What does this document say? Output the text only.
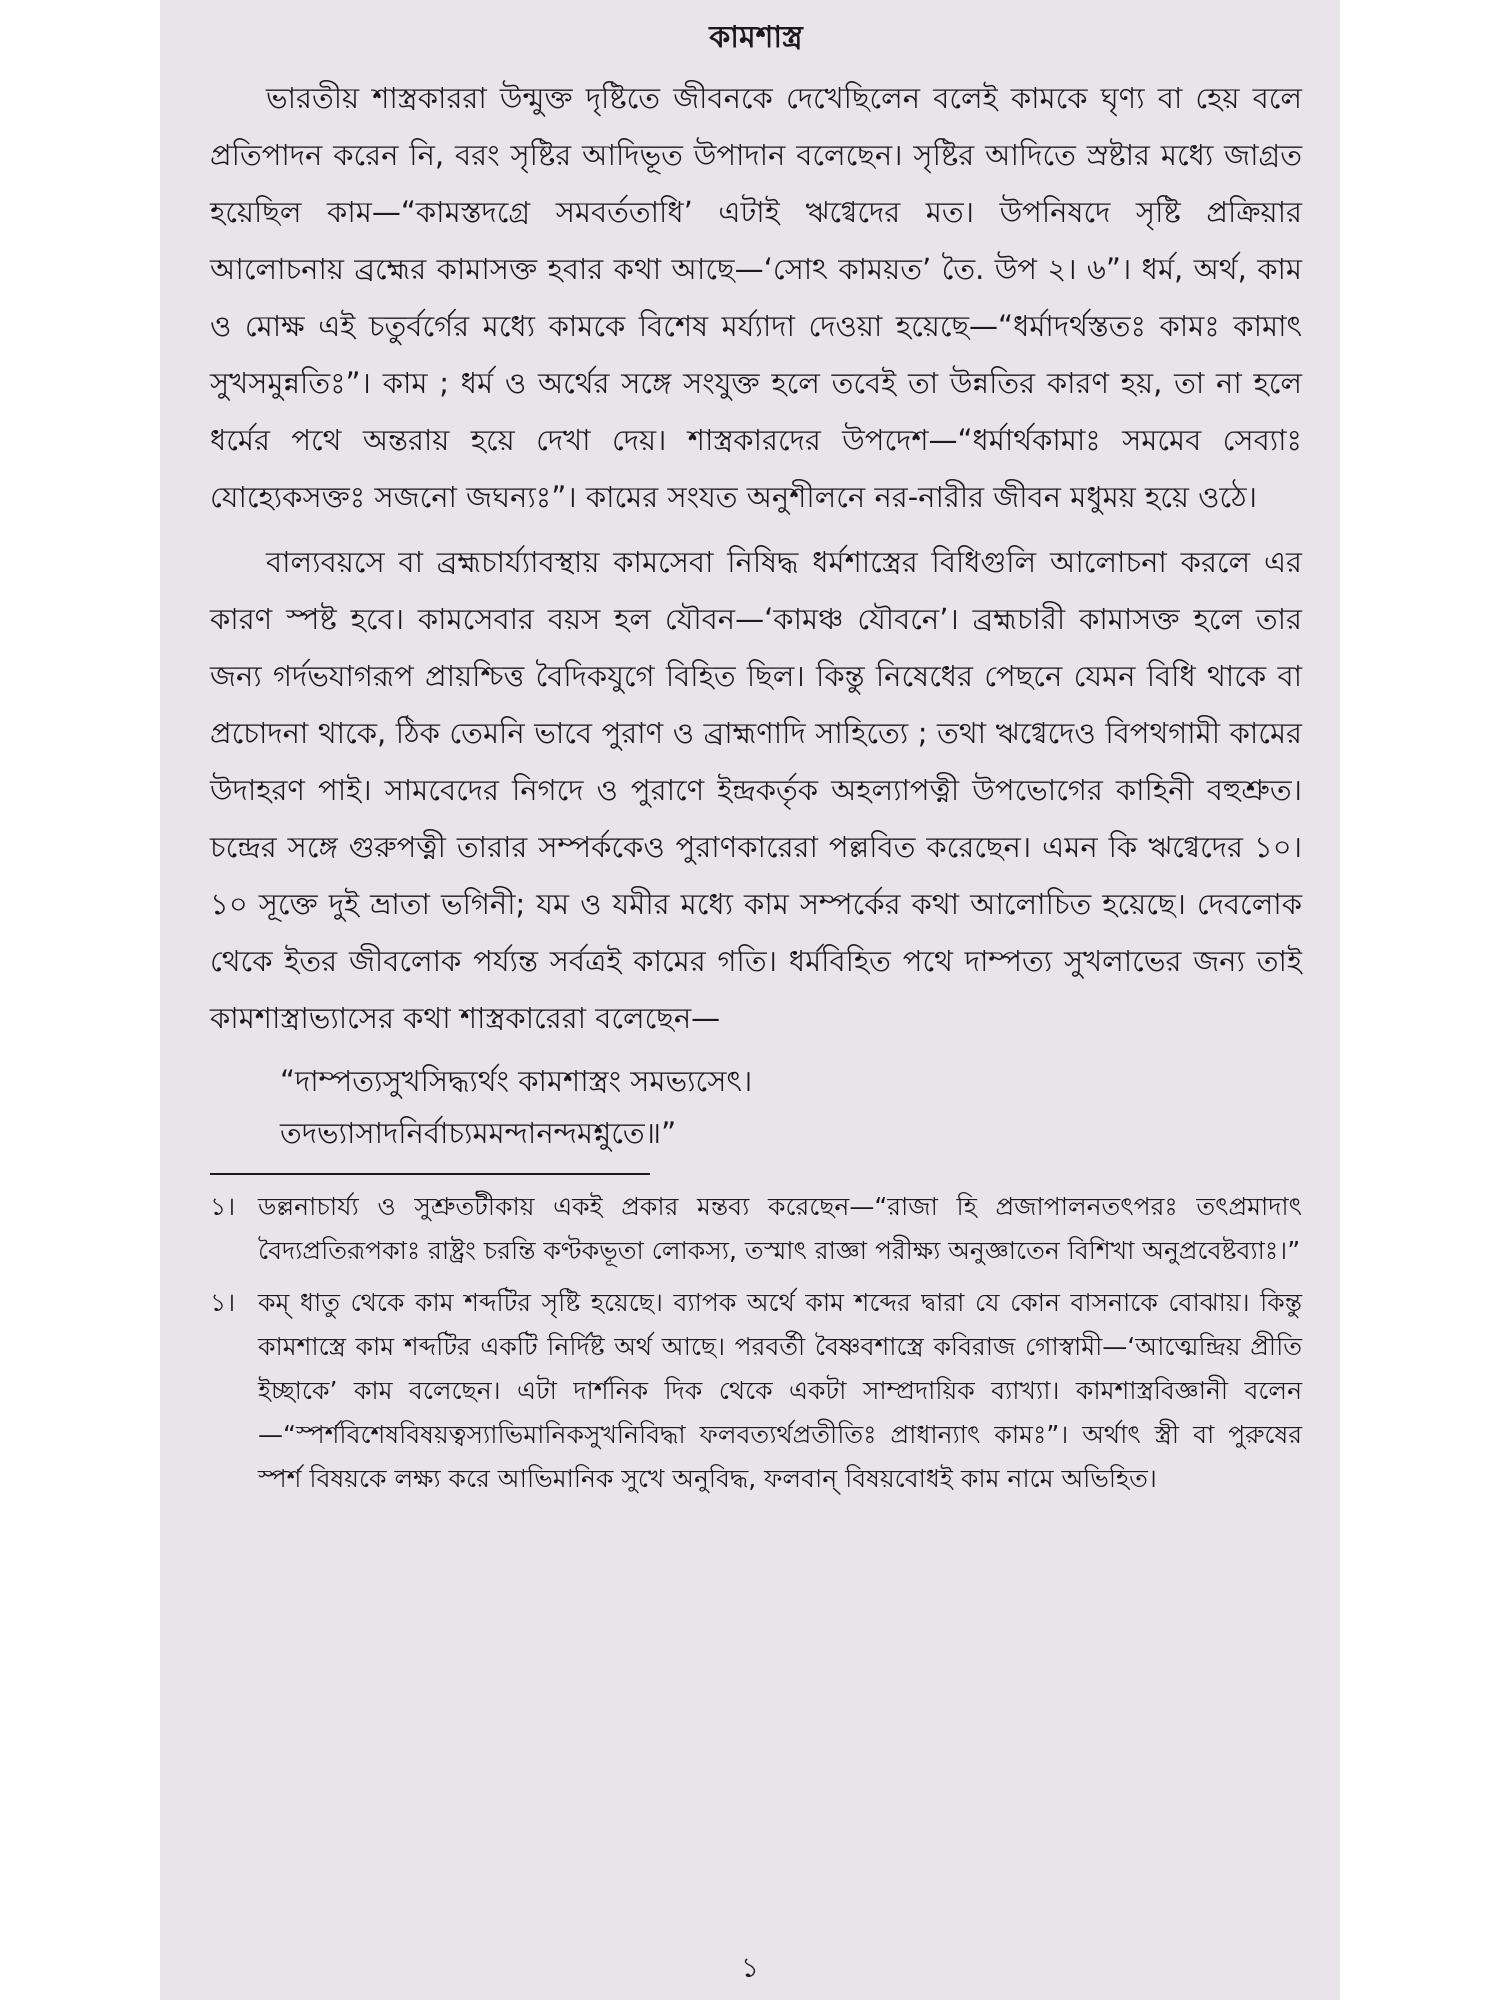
কামশাস্ত্র

ভারতীয় শাস্ত্রকাররা উন্মুক্ত দৃষ্টিতে জীবনকে দেখেছিলেন বলেই কামকে ঘৃণ্য বা হেয় বলে প্রতিপাদন করেন নি, বরং সৃষ্টির আদিভূত উপাদান বলেছেন। সৃষ্টির আদিতে স্রষ্টার মধ্যে জাগ্রত হয়েছিল কাম—“কামস্তদগ্রে সমবর্ততাধি’ এটাই ঋগ্বেদের মত। উপনিষদে সৃষ্টি প্রক্রিয়ার আলোচনায় ব্রহ্মের কামাসক্ত হবার কথা আছে—‘সোঽ কাময়ত’ তৈ. উপ ২। ৬”। ধর্ম, অর্থ, কাম ও মোক্ষ এই চতুর্বর্গের মধ্যে কামকে বিশেষ মর্য্যাদা দেওয়া হয়েছে—“ধর্মাদর্থস্ততঃ কামঃ কামাৎ সুখসমুন্নতিঃ”। কাম ; ধর্ম ও অর্থের সঙ্গে সংযুক্ত হলে তবেই তা উন্নতির কারণ হয়, তা না হলে ধর্মের পথে অন্তরায় হয়ে দেখা দেয়। শাস্ত্রকারদের উপদেশ—“ধর্মার্থকামাঃ সমমেব সেব্যাঃ যোহ্যেকসক্তঃ সজনো জঘন্যঃ”। কামের সংযত অনুশীলনে নর-নারীর জীবন মধুময় হয়ে ওঠে।

বাল্যবয়সে বা ব্রহ্মচার্য্যাবস্থায় কামসেবা নিষিদ্ধ ধর্মশাস্ত্রের বিধিগুলি আলোচনা করলে এর কারণ স্পষ্ট হবে। কামসেবার বয়স হল যৌবন—‘কামঞ্চ যৌবনে’। ব্রহ্মচারী কামাসক্ত হলে তার জন্য গর্দভযাগরূপ প্রায়শ্চিত্ত বৈদিকযুগে বিহিত ছিল। কিন্তু নিষেধের পেছনে যেমন বিধি থাকে বা প্রচোদনা থাকে, ঠিক তেমনি ভাবে পুরাণ ও ব্রাহ্মণাদি সাহিত্যে ; তথা ঋগ্বেদেও বিপথগামী কামের উদাহরণ পাই। সামবেদের নিগদে ও পুরাণে ইন্দ্রকর্তৃক অহল্যাপত্নী উপভোগের কাহিনী বহুশ্রুত। চন্দ্রের সঙ্গে গুরুপত্নী তারার সম্পর্ককেও পুরাণকারেরা পল্লবিত করেছেন। এমন কি ঋগ্বেদের ১০।১০ সূক্তে দুই ভ্রাতা ভগিনী; যম ও যমীর মধ্যে কাম সম্পর্কের কথা আলোচিত হয়েছে। দেবলোক থেকে ইতর জীবলোক পর্য্যন্ত সর্বত্রই কামের গতি। ধর্মবিহিত পথে দাম্পত্য সুখলাভের জন্য তাই কামশাস্ত্রাভ্যাসের কথা শাস্ত্রকারেরা বলেছেন—

“দাম্পত্যসুখসিদ্ধ্যর্থং কামশাস্ত্রং সমভ্যসেৎ।

তদভ্যাসাদনির্বাচ্যমমন্দানন্দমশ্নুতে॥”

১। ডল্লনাচার্য্য ও সুশ্রুতটীকায় একই প্রকার মন্তব্য করেছেন—“রাজা হি প্রজাপালনতৎপরঃ তৎপ্রমাদাৎ বৈদ্যপ্রতিরূপকাঃ রাষ্ট্রং চরন্তি কণ্টকভূতা লোকস্য, তস্মাৎ রাজ্ঞা পরীক্ষ্য অনুজ্ঞাতেন বিশিখা অনুপ্রবেষ্টব্যাঃ।”
১। কম্ ধাতু থেকে কাম শব্দটির সৃষ্টি হয়েছে। ব্যাপক অর্থে কাম শব্দের দ্বারা যে কোন বাসনাকে বোঝায়। কিন্তু কামশাস্ত্রে কাম শব্দটির একটি নির্দিষ্ট অর্থ আছে। পরবর্তী বৈষ্ণবশাস্ত্রে কবিরাজ গোস্বামী—‘আত্মেন্দ্রিয় প্রীতি ইচ্ছাকে’ কাম বলেছেন। এটা দার্শনিক দিক থেকে একটা সাম্প্রদায়িক ব্যাখ্যা। কামশাস্ত্রবিজ্ঞানী বলেন—“স্পর্শবিশেষবিষয়ত্বস্যাভিমানিকসুখনিবিদ্ধা ফলবত্যর্থপ্রতীতিঃ প্রাধান্যাৎ কামঃ”। অর্থাৎ স্ত্রী বা পুরুষের স্পর্শ বিষয়কে লক্ষ্য করে আভিমানিক সুখে অনুবিদ্ধ, ফলবান্ বিষয়বোধই কাম নামে অভিহিত।
১
